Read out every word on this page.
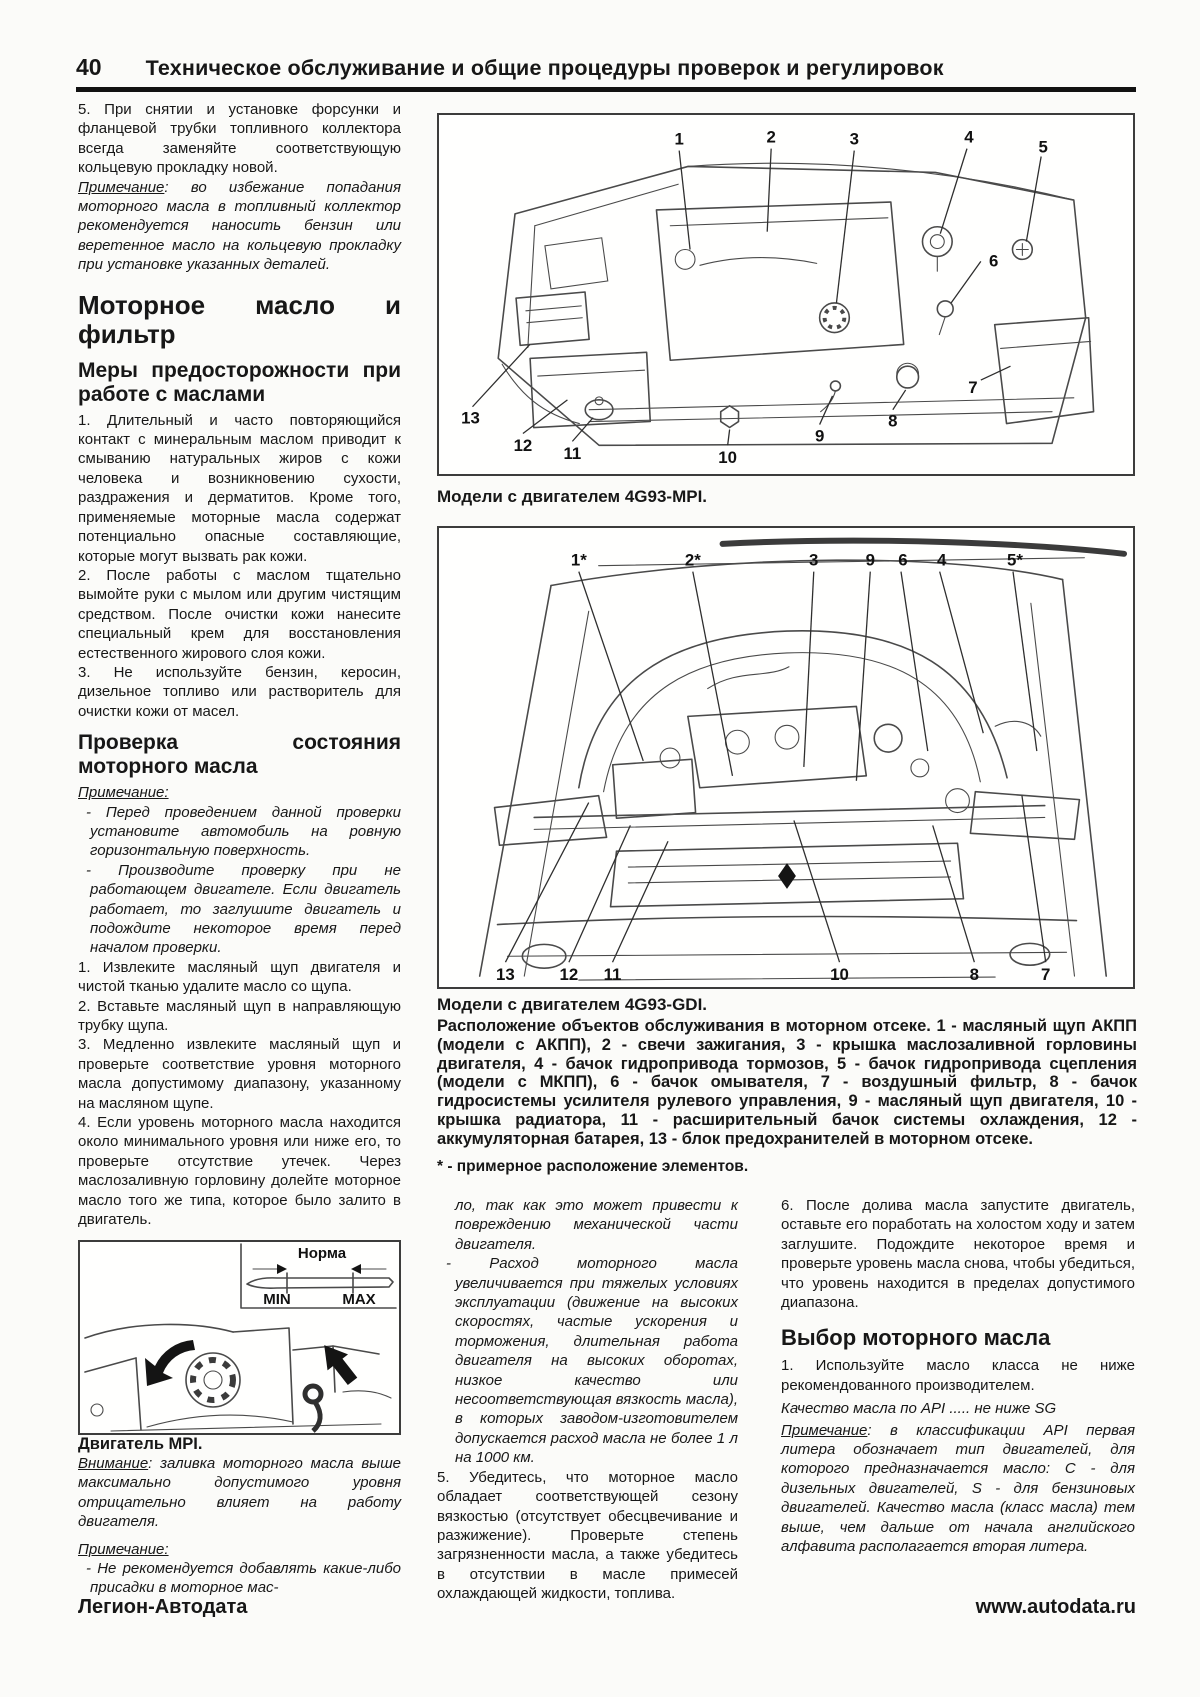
40 Техническое обслуживание и общие процедуры проверок и регулировок

5. При снятии и установке форсунки и фланцевой трубки топливного коллектора всегда заменяйте соответствующую кольцевую прокладку новой.

Примечание: во избежание попадания моторного масла в топливный коллектор рекомендуется наносить бензин или веретенное масло на кольцевую прокладку при установке указанных деталей.

Моторное масло и фильтр
Меры предосторожности при работе с маслами

1. Длительный и часто повторяющийся контакт с минеральным маслом приводит к смыванию натуральных жиров с кожи человека и возникновению сухости, раздражения и дерматитов. Кроме того, применяемые моторные масла содержат потенциально опасные составляющие, которые могут вызвать рак кожи.

2. После работы с маслом тщательно вымойте руки с мылом или другим чистящим средством. После очистки кожи нанесите специальный крем для восстановления естественного жирового слоя кожи.

3. Не используйте бензин, керосин, дизельное топливо или растворитель для очистки кожи от масел.

Проверка состояния моторного масла

Примечание:

- Перед проведением данной проверки установите автомобиль на ровную горизонтальную поверхность.

- Производите проверку при не работающем двигателе. Если двигатель работает, то заглушите двигатель и подождите некоторое время перед началом проверки.

1. Извлеките масляный щуп двигателя и чистой тканью удалите масло со щупа.

2. Вставьте масляный щуп в направляющую трубку щупа.

3. Медленно извлеките масляный щуп и проверьте соответствие уровня моторного масла допустимому диапазону, указанному на масляном щупе.

4. Если уровень моторного масла находится около минимального уровня или ниже его, то проверьте отсутствие утечек. Через маслозаливную горловину долейте моторное масло того же типа, которое было залито в двигатель.

Норма
MIN	MAX

Двигатель MPI.

Внимание: заливка моторного масла выше максимально допустимого уровня отрицательно влияет на работу двигателя.

Примечание:

- Не рекомендуется добавлять какие-либо присадки в моторное мас-

1	2	3	4
5
6
7
8
9
10
11
12
13
Модели с двигателем 4G93-MPI.
1*	2*	3	9 6 4	5*
13	12 11	10	8	7

Модели с двигателем 4G93-GDI.

Расположение объектов обслуживания в моторном отсеке. 1 - масляный щуп АКПП (модели с АКПП), 2 - свечи зажигания, 3 - крышка маслозаливной горловины двигателя, 4 - бачок гидропривода тормозов, 5 - бачок гидропривода сцепления (модели с МКПП), 6 - бачок омывателя, 7 - воздушный фильтр, 8 - бачок гидросистемы усилителя рулевого управления, 9 - масляный щуп двигателя, 10 - крышка радиатора, 11 - расширительный бачок системы охлаждения, 12 - аккумуляторная батарея, 13 - блок предохранителей в моторном отсеке.

* - примерное расположение элементов.

ло, так как это может привести к повреждению механической части двигателя.

- Расход моторного масла увеличивается при тяжелых условиях эксплуатации (движение на высоких скоростях, частые ускорения и торможения, длительная работа двигателя на высоких оборотах, низкое качество или несоответствующая вязкость масла), в которых заводом-изготовителем допускается расход масла не более 1 л на 1000 км.

5. Убедитесь, что моторное масло обладает соответствующей сезону вязкостью (отсутствует обесцвечивание и разжижение). Проверьте степень загрязненности масла, а также убедитесь в отсутствии в масле примесей охлаждающей жидкости, топлива.

6. После долива масла запустите двигатель, оставьте его поработать на холостом ходу и затем заглушите. Подождите некоторое время и проверьте уровень масла снова, чтобы убедиться, что уровень находится в пределах допустимого диапазона.

Выбор моторного масла

1. Используйте масло класса не ниже рекомендованного производителем.

Качество масла по API ..... не ниже SG

Примечание: в классификации API первая литера обозначает тип двигателей, для которого предназначается масло: C - для дизельных двигателей, S - для бензиновых двигателей. Качество масла (класс масла) тем выше, чем дальше от начала английского алфавита располагается вторая литера.

Легион-Автодата	www.autodata.ru
